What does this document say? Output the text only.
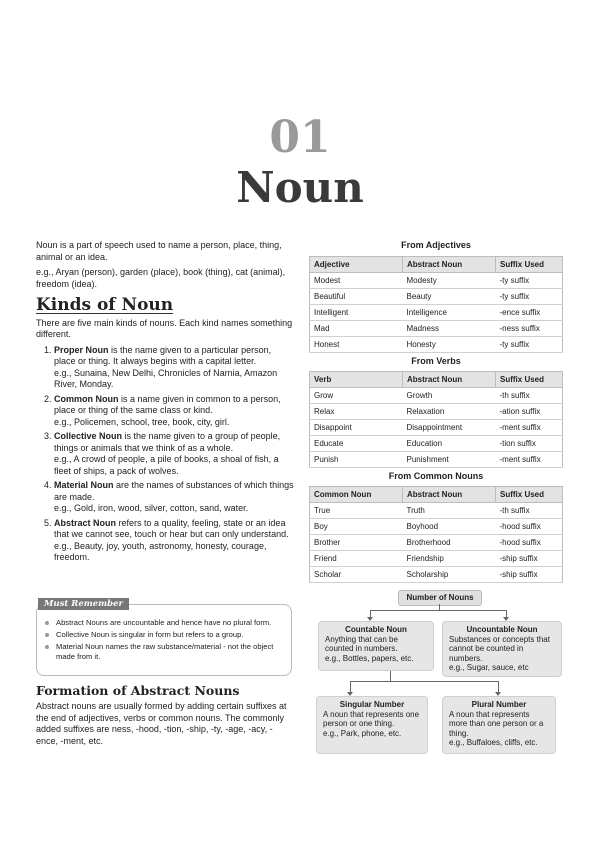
01
Noun

Noun is a part of speech used to name a person, place, thing, animal or an idea.

e.g., Aryan (person), garden (place), book (thing), cat (animal), freedom (idea).

Kinds of Noun

There are five main kinds of nouns. Each kind names something different.

1. Proper Noun is the name given to a particular person, place or thing. It always begins with a capital letter.
e.g., Sunaina, New Delhi, Chronicles of Narnia, Amazon River, Monday.
2. Common Noun is a name given in common to a person, place or thing of the same class or kind.
e.g., Policemen, school, tree, book, city, girl.
3. Collective Noun is the name given to a group of people, things or animals that we think of as a whole.
e.g., A crowd of people, a pile of books, a shoal of fish, a fleet of ships, a pack of wolves.
4. Material Noun are the names of substances of which things are made.
e.g., Gold, iron, wood, silver, cotton, sand, water.
5. Abstract Noun refers to a quality, feeling, state or an idea that we cannot see, touch or hear but can only understand.
e.g., Beauty, joy, youth, astronomy, honesty, courage, freedom.
Must Remember
Abstract Nouns are uncountable and hence have no plural form.
Collective Noun is singular in form but refers to a group.
Material Noun names the raw substance/material - not the object made from it.
Formation of Abstract Nouns

Abstract nouns are usually formed by adding certain suffixes at the end of adjectives, verbs or common nouns. The commonly added suffixes are ness, -hood, -tion, -ship, -ty, -age, -acy, -ence, -ment, etc.

From Adjectives
Adjective	Abstract Noun	Suffix Used
Modest	Modesty	-ty suffix
Beautiful	Beauty	-ty suffix
Intelligent	Intelligence	-ence suffix
Mad	Madness	-ness suffix
Honest	Honesty	-ty suffix
From Verbs
Verb	Abstract Noun	Suffix Used
Grow	Growth	-th suffix
Relax	Relaxation	-ation suffix
Disappoint	Disappointment	-ment suffix
Educate	Education	-tion suffix
Punish	Punishment	-ment suffix
From Common Nouns
Common Noun	Abstract Noun	Suffix Used
True	Truth	-th suffix
Boy	Boyhood	-hood suffix
Brother	Brotherhood	-hood suffix
Friend	Friendship	-ship suffix
Scholar	Scholarship	-ship suffix
Number of Nouns
Countable Noun
Anything that can be counted in numbers.
e.g., Bottles, papers, etc.
Uncountable Noun
Substances or concepts that cannot be counted in numbers.
e.g., Sugar, sauce, etc
Singular Number
A noun that represents one person or one thing.
e.g., Park, phone, etc.
Plural Number
A noun that represents more than one person or a thing.
e.g., Buffaloes, cliffs, etc.
